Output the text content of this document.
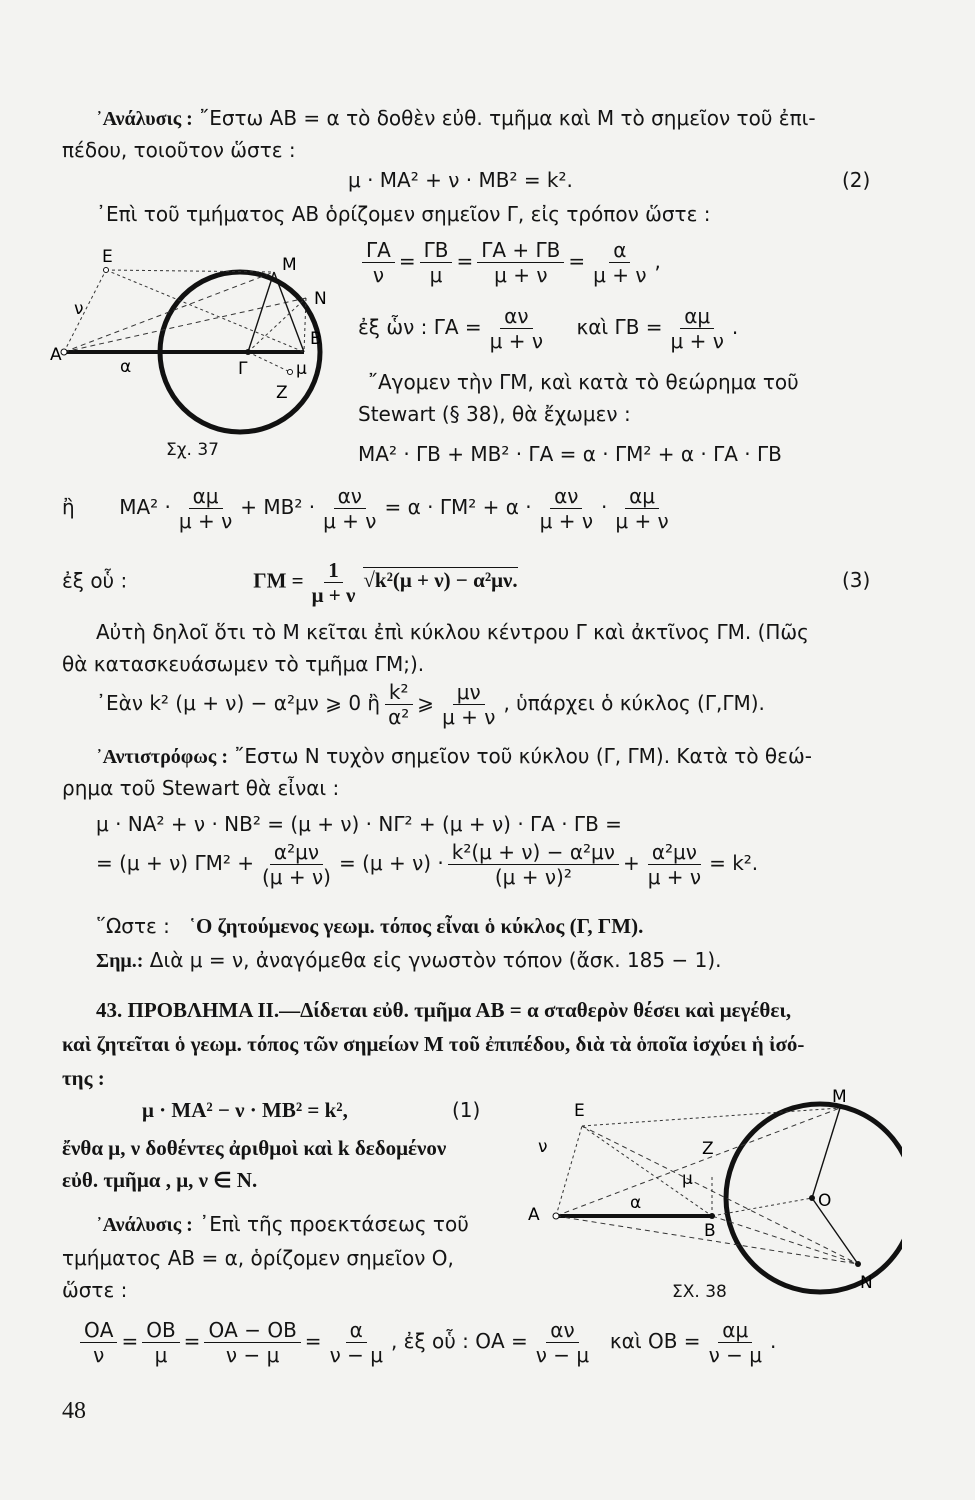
᾽Ανάλυσις : ῎Εστω ΑΒ = α τὸ δοθὲν εὐθ. τμῆμα καὶ Μ τὸ σημεῖον τοῦ ἐπι-
πέδου, τοιοῦτον ὥστε :
μ · ΜΑ² + ν · ΜΒ² = k².	(2)
᾽Επὶ τοῦ τμήματος ΑΒ ὁρίζομεν σημεῖον Γ, εἰς τρόπον ὥστε :
$\frac{\Gamma A}{\nu} = \frac{\Gamma B}{\mu} = \frac{\Gamma A + \Gamma B}{\mu + \nu} = \frac{\alpha}{\mu + \nu}$ ,
ἐξ ὧν : $\Gamma A = \frac{\alpha\nu}{\mu + \nu}$ καὶ $\Gamma B = \frac{\alpha\mu}{\mu + \nu}$ .
῎Αγομεν τὴν ΓΜ, καὶ κατὰ τὸ θεώρημα τοῦ
Stewart (§ 38), θὰ ἔχωμεν :
ΜΑ² · ΓΒ + ΜΒ² · ΓΑ = α · ΓΜ² + α · ΓΑ · ΓΒ
Ε	Μ
Ν
ν
Α
Β
α	Γ	μ
Ζ
Σχ. 37
ἢ $MA^2 \cdot \frac{\alpha\mu}{\mu + \nu} + MB^2 \cdot \frac{\alpha\nu}{\mu + \nu} = \alpha \cdot \Gamma M^2 + \alpha \cdot \frac{\alpha\nu}{\mu + \nu} \cdot \frac{\alpha\mu}{\mu + \nu}$
ἐξ οὗ :	$\Gamma M = \frac{1}{\mu + \nu} √k^2(\mu + \nu) - \alpha^2\mu\nu$.	(3)
Αὐτὴ δηλοῖ ὅτι τὸ Μ κεῖται ἐπὶ κύκλου κέντρου Γ καὶ ἀκτῖνος ΓΜ. (Πῶς
θὰ κατασκευάσωμεν τὸ τμῆμα ΓΜ;).
᾽Εὰν k² (μ + ν) − α²μν ⩾ 0 ἢ $\frac{\text{k²}}{\text{α²}}$ ⩾ $\frac{\mu\nu}{\mu + \nu}$ , ὑπάρχει ὁ κύκλος (Γ,ΓΜ).
᾽Αντιστρόφως : ῎Εστω Ν τυχὸν σημεῖον τοῦ κύκλου (Γ, ΓΜ). Κατὰ τὸ θεώ-
ρημα τοῦ Stewart θὰ εἶναι :
μ · ΝΑ² + ν · ΝΒ² = (μ + ν) · ΝΓ² + (μ + ν) · ΓΑ · ΓΒ =
= (μ + ν) $\Gamma M^2 + \frac{\text{α²μν}}{(\mu + \nu)} = (\mu + \nu) \cdot \frac{\text{k²(μ + ν) − α²μν}}{\text{(μ + ν)²}} + \frac{\text{α²μν}}{\mu + \nu} = k^2$.
῞Ωστε : ῾Ο ζητούμενος γεωμ. τόπος εἶναι ὁ κύκλος (Γ, ΓΜ).
Σημ.: Διὰ μ = ν, ἀναγόμεθα εἰς γνωστὸν τόπον (ἄσκ. 185 − 1).
43. ΠΡΟΒΛΗΜΑ ΙΙ.—Δίδεται εὐθ. τμῆμα ΑΒ = α σταθερὸν θέσει καὶ μεγέθει,
καὶ ζητεῖται ὁ γεωμ. τόπος τῶν σημείων Μ τοῦ ἐπιπέδου, διὰ τὰ ὁποῖα ἰσχύει ἡ ἰσό-
της :
μ · ΜΑ² − ν · ΜΒ² = k²,	(1)
ἔνθα μ, ν δοθέντες ἀριθμοὶ καὶ k δεδομένον
εὐθ. τμῆμα , μ, ν ∈ Ν.
᾽Ανάλυσις : ᾽Επὶ τῆς προεκτάσεως τοῦ
τμήματος ΑΒ = α, ὁρίζομεν σημεῖον Ο,
ὥστε :
Ε
Μ
ν	Ζ
α
μ
Ο
Α
Β
Ν
ΣΧ. 38
$\frac{OA}{\nu} = \frac{OB}{\mu} = \frac{OA - OB}{\nu - \mu} = \frac{\alpha}{\nu - \mu}$ , ἐξ οὗ : $OA = \frac{\alpha\nu}{\nu - \mu}$ καὶ $OB = \frac{\alpha\mu}{\nu - \mu}$ .
48
